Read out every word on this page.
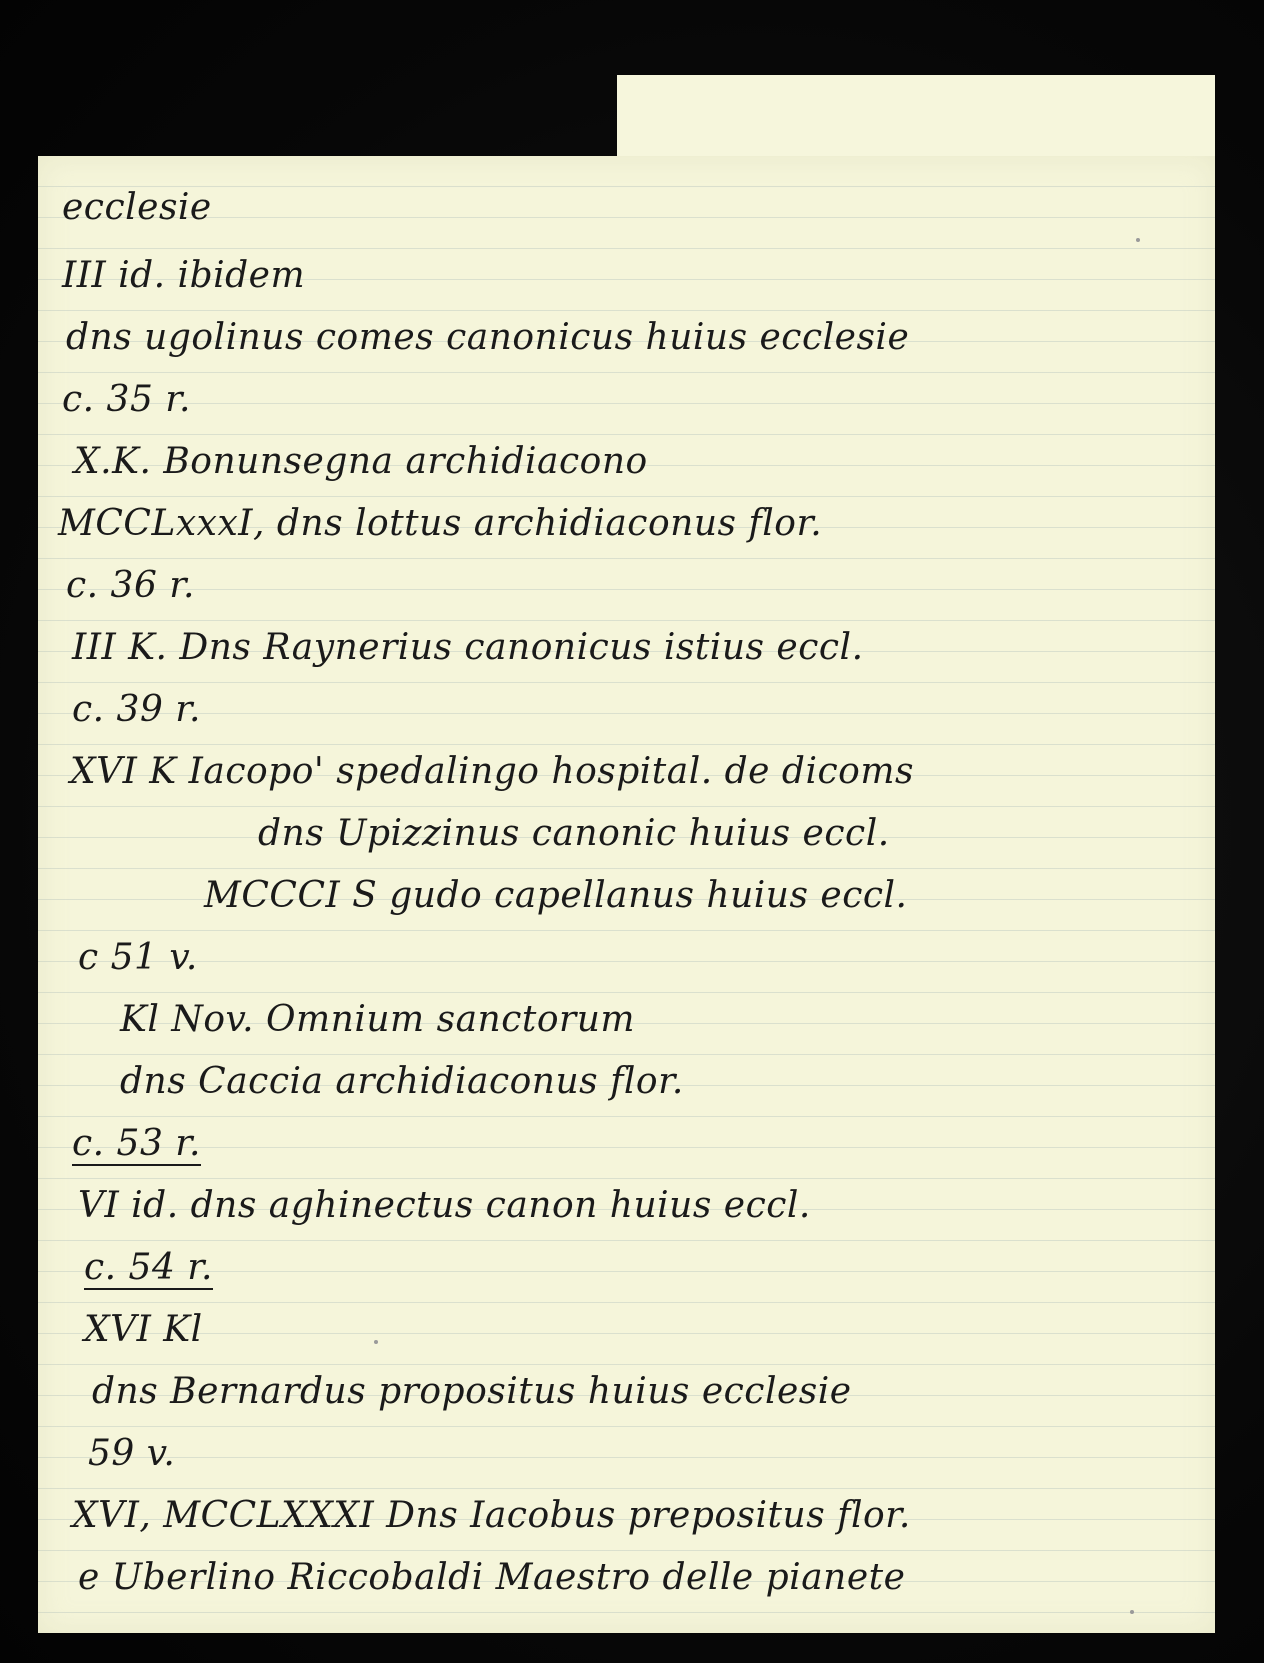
ecclesie
III id. ibidem
dns ugolinus comes canonicus huius ecclesie
c. 35 r.
X.K. Bonunsegna archidiacono
MCCLxxxI, dns lottus archidiaconus flor.
c. 36 r.
III K. Dns Raynerius canonicus istius eccl.
c. 39 r.
XVI K Iacopo' spedalingo hospital. de dicoms
dns Upizzinus canonic huius eccl.
MCCCI S gudo capellanus huius eccl.
c 51 v.
Kl Nov. Omnium sanctorum
dns Caccia archidiaconus flor.
c. 53 r.
VI id. dns aghinectus canon huius eccl.
c. 54 r.
XVI Kl
dns Bernardus propositus huius ecclesie
59 v.
XVI, MCCLXXXI Dns Iacobus prepositus flor.
e Uberlino Riccobaldi Maestro delle pianete
